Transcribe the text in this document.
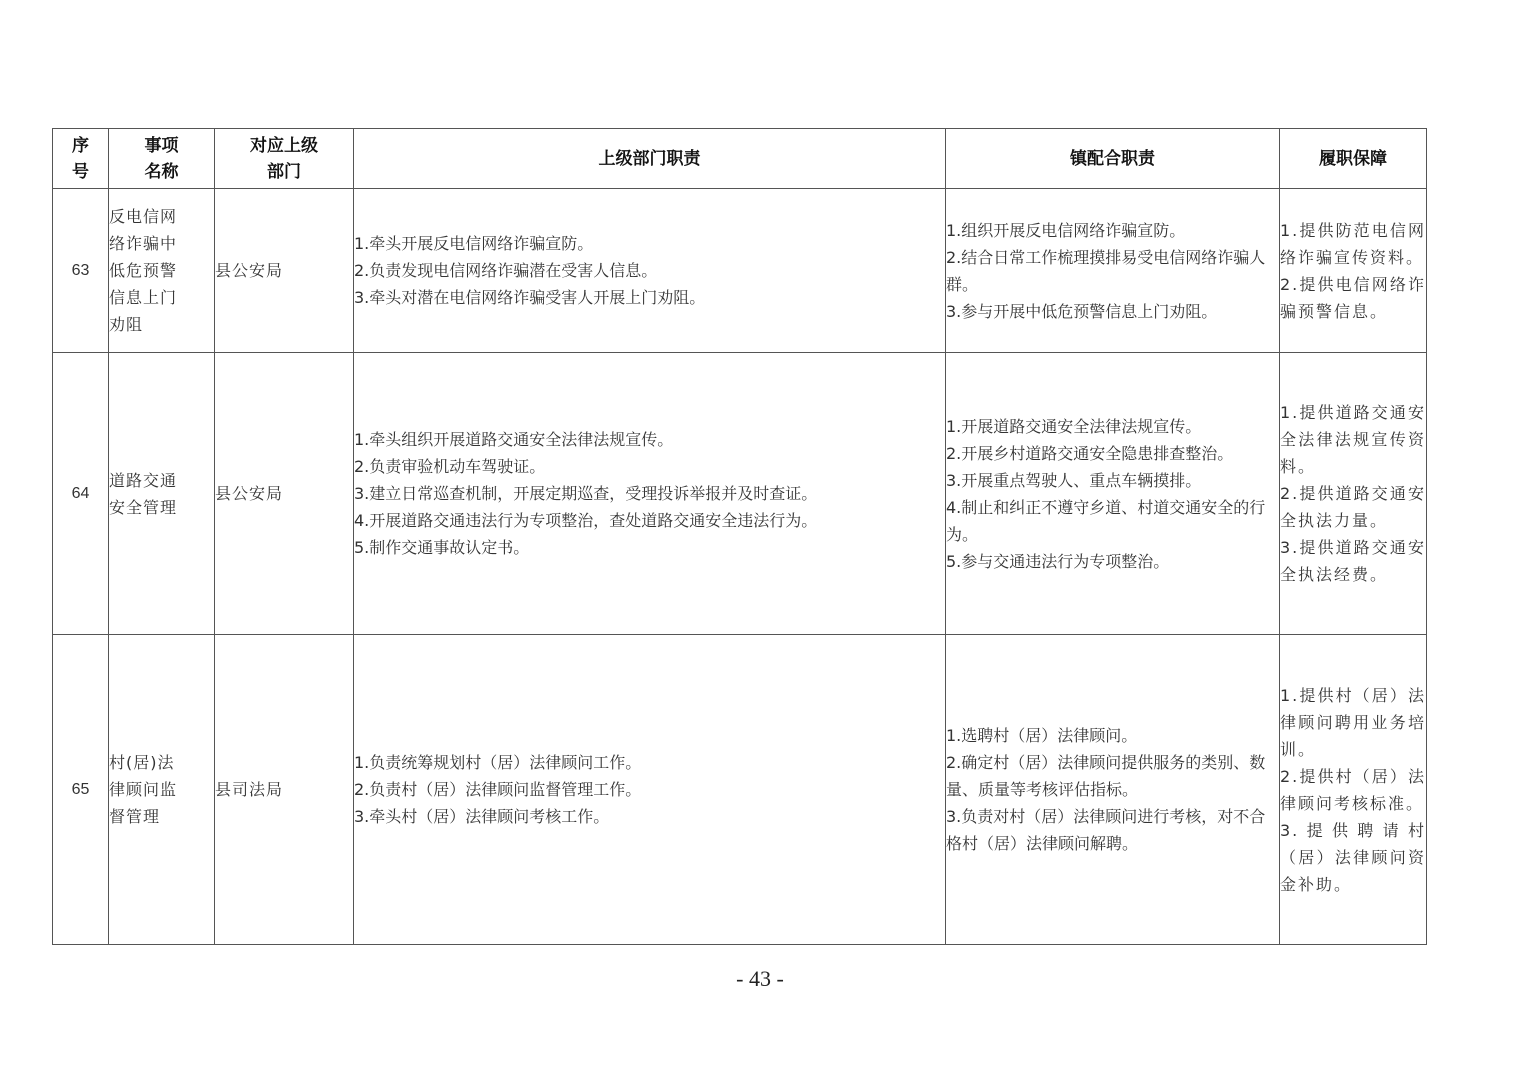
序
号	事项
名称	对应上级
部门	上级部门职责	镇配合职责	履职保障
63	反电信网
络诈骗中
低危预警
信息上门
劝阻	县公安局	1.牵头开展反电信网络诈骗宣防。
2.负责发现电信网络诈骗潜在受害人信息。
3.牵头对潜在电信网络诈骗受害人开展上门劝阻。	1.组织开展反电信网络诈骗宣防。
2.结合日常工作梳理摸排易受电信网络诈骗人群。
3.参与开展中低危预警信息上门劝阻。	1.提供防范电信网络诈骗宣传资料。
2.提供电信网络诈骗预警信息。

64	道路交通
安全管理	县公安局	1.牵头组织开展道路交通安全法律法规宣传。
2.负责审验机动车驾驶证。
3.建立日常巡查机制，开展定期巡查，受理投诉举报并及时查证。
4.开展道路交通违法行为专项整治，查处道路交通安全违法行为。
5.制作交通事故认定书。	1.开展道路交通安全法律法规宣传。
2.开展乡村道路交通安全隐患排查整治。
3.开展重点驾驶人、重点车辆摸排。
4.制止和纠正不遵守乡道、村道交通安全的行为。
5.参与交通违法行为专项整治。	1.提供道路交通安全法律法规宣传资料。
2.提供道路交通安全执法力量。
3.提供道路交通安全执法经费。

65	村(居)法
律顾问监
督管理	县司法局	1.负责统筹规划村（居）法律顾问工作。
2.负责村（居）法律顾问监督管理工作。
3.牵头村（居）法律顾问考核工作。	1.选聘村（居）法律顾问。
2.确定村（居）法律顾问提供服务的类别、数量、质量等考核评估指标。
3.负责对村（居）法律顾问进行考核，对不合格村（居）法律顾问解聘。	1.提供村（居）法律顾问聘用业务培训。
2.提供村（居）法律顾问考核标准。
3.提供聘请村（居）法律顾问资金补助。
- 43 -
